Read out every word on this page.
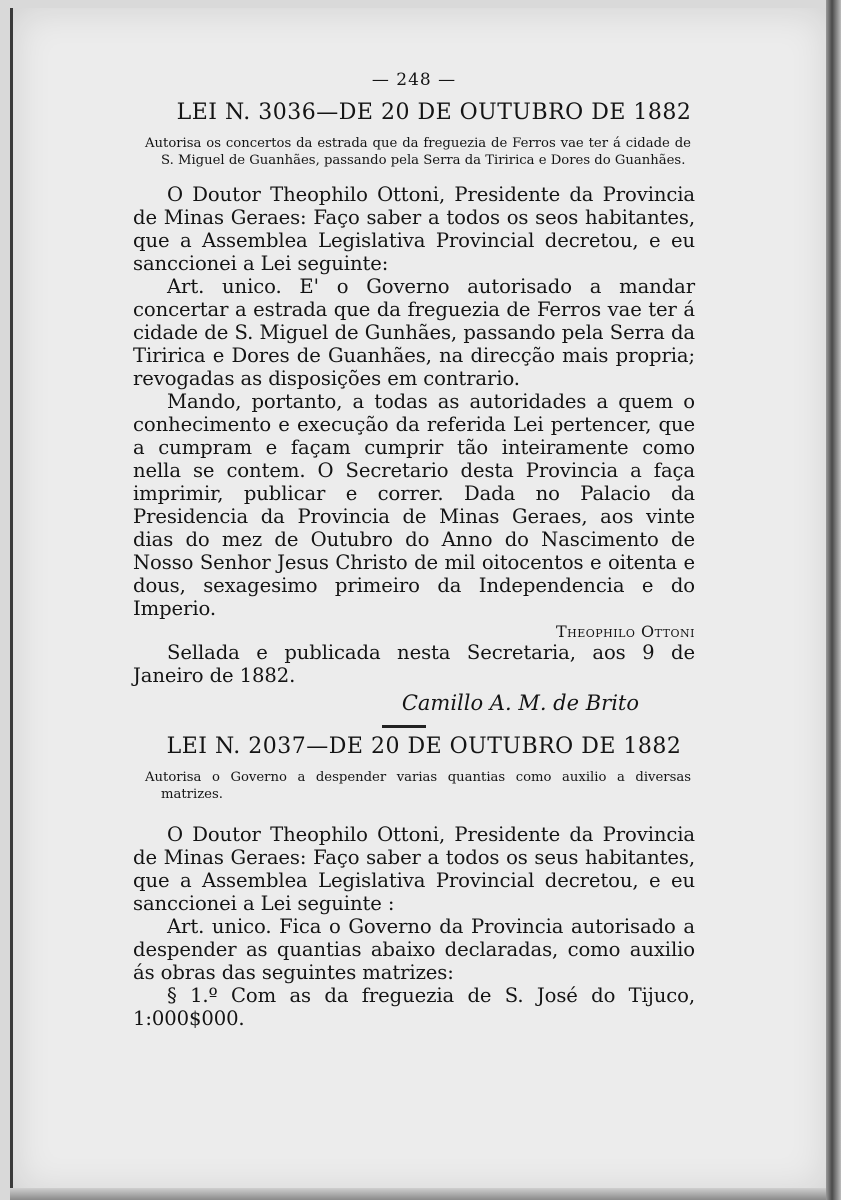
— 248 —
LEI N. 3036—DE 20 DE OUTUBRO DE 1882
Autorisa os concertos da estrada que da freguezia de Ferros vae ter á cidade de S. Miguel de Guanhães, passando pela Serra da Tiririca e Dores do Guanhães.

O Doutor Theophilo Ottoni, Presidente da Provincia de Minas Geraes: Faço saber a todos os seos habitantes, que a Assemblea Legislativa Provincial decretou, e eu sanccionei a Lei seguinte:

Art. unico. E' o Governo autorisado a mandar concertar a estrada que da freguezia de Ferros vae ter á cidade de S. Miguel de Gunhães, passando pela Serra da Tiririca e Dores de Guanhães, na direcção mais propria; revogadas as disposições em contrario.

Mando, portanto, a todas as autoridades a quem o conhecimento e execução da referida Lei pertencer, que a cumpram e façam cumprir tão inteiramente como nella se contem. O Secretario desta Provincia a faça imprimir, publicar e correr. Dada no Palacio da Presidencia da Provincia de Minas Geraes, aos vinte dias do mez de Outubro do Anno do Nascimento de Nosso Senhor Jesus Christo de mil oitocentos e oitenta e dous, sexagesimo primeiro da Independencia e do Imperio.

Theophilo Ottoni

Sellada e publicada nesta Secretaria, aos 9 de Janeiro de 1882.

Camillo A. M. de Brito
LEI N. 2037—DE 20 DE OUTUBRO DE 1882
Autorisa o Governo a despender varias quantias como auxilio a diversas matrizes.

O Doutor Theophilo Ottoni, Presidente da Provincia de Minas Geraes: Faço saber a todos os seus habitantes, que a Assemblea Legislativa Provincial decretou, e eu sanccionei a Lei seguinte :

Art. unico. Fica o Governo da Provincia autorisado a despender as quantias abaixo declaradas, como auxilio ás obras das seguintes matrizes:

§ 1.º Com as da freguezia de S. José do Tijuco, 1:000$000.
